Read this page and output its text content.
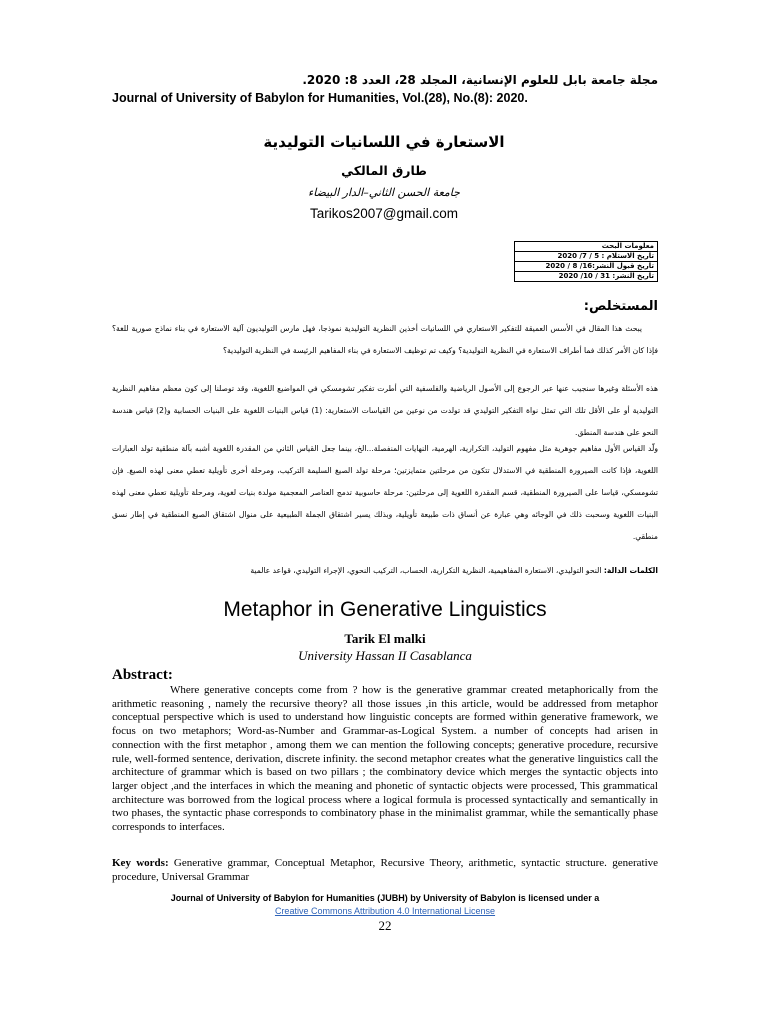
مجلة جامعة بابل للعلوم الإنسانية، المجلد 28، العدد 8: 2020.
Journal of University of Babylon for Humanities, Vol.(28), No.(8): 2020.
الاستعارة في اللسانيات التوليدية
طارق المالكي
جامعة الحسن الثاني–الدار البيضاء
Tarikos2007@gmail.com
معلومات البحث
تاريخ الاستلام : 5 / 7/ 2020
تاريخ قبول النشر:16/ 8 / 2020
تاريخ النشر: 31 / 10/ 2020
المستخلص:

يبحث هذا المقال في الأسس العميقة للتفكير الاستعاري في اللسانيات أخذين النظرية التوليدية نموذجا، فهل مارس التوليديون آلية الاستعارة في بناء نماذج صورية للغة؟ فإذا كان الأمر كذلك فما أطراف الاستعارة في النظرية التوليدية؟ وكيف تم توظيف الاستعارة في بناء المفاهيم الرئيسة في النظرية التوليدية؟

هذه الأسئلة وغيرها سنجيب عنها عبر الرجوع إلى الأصول الرياضية والفلسفية التي أطرت تفكير تشومسكي في المواضيع اللغوية، وقد توصلنا إلى كون معظم مفاهيم النظرية التوليدية أو على الأقل تلك التي تمثل نواة التفكير التوليدي قد تولدت من نوعين من القياسات الاستعارية: (1) قياس البنيات اللغوية على البنيات الحسابية و(2) قياس هندسة النحو على هندسة المنطق.

ولّد القياس الأول مفاهيم جوهرية مثل مفهوم التوليد، التكرارية، الهرمية، النهايات المنفصلة...الخ، بينما جعل القياس الثاني من المقدرة اللغوية أشبه بآلة منطقية تولد العبارات اللغوية، فإذا كانت الصيرورة المنطقية في الاستدلال تتكون من مرحلتين متمايزتين؛ مرحلة تولد الصيغ السليمة التركيب، ومرحلة أخرى تأويلية تعطي معنى لهذه الصيغ. فإن تشومسكي، قياسا على الصيرورة المنطقية، قسم المقدرة اللغوية إلى مرحلتين: مرحلة حاسوبية تدمج العناصر المعجمية مولدة بنيات لغوية، ومرحلة تأويلية تعطي معنى لهذه البنيات اللغوية وسحبت ذلك في الوجائه وهي عبارة عن أنساق ذات طبيعة تأويلية، وبذلك يسير اشتقاق الجملة الطبيعية على منوال اشتقاق الصيغ المنطقية في إطار نسق منطقي.

الكلمات الدالة: النحو التوليدي، الاستعارة المفاهيمية، النظرية التكرارية، الحساب، التركيب النحوي، الإجراء التوليدي، قواعد عالمية

Metaphor in Generative Linguistics
Tarik El malki
University Hassan II Casablanca
Abstract:

Where generative concepts come from ? how is the generative grammar created metaphorically from the arithmetic reasoning , namely the recursive theory? all those issues ,in this article, would be addressed from metaphor conceptual perspective which is used to understand how linguistic concepts are formed within generative framework, we focus on two metaphors; Word-as-Number and Grammar-as-Logical System. a number of concepts had arisen in connection with the first metaphor , among them we can mention the following concepts; generative procedure, recursive rule, well-formed sentence, derivation, discrete infinity. the second metaphor creates what the generative linguistics call the architecture of grammar which is based on two pillars ; the combinatory device which merges the syntactic objects into larger object ,and the interfaces in which the meaning and phonetic of syntactic objects were processed, This grammatical architecture was borrowed from the logical process where a logical formula is processed syntactically and semantically in two phases, the syntactic phase corresponds to combinatory phase in the minimalist grammar, while the semantically phase corresponds to interfaces.

Key words: Generative grammar, Conceptual Metaphor, Recursive Theory, arithmetic, syntactic structure. generative procedure, Universal Grammar

Journal of University of Babylon for Humanities (JUBH) by University of Babylon is licensed under a
Creative Commons Attribution 4.0 International License
22
